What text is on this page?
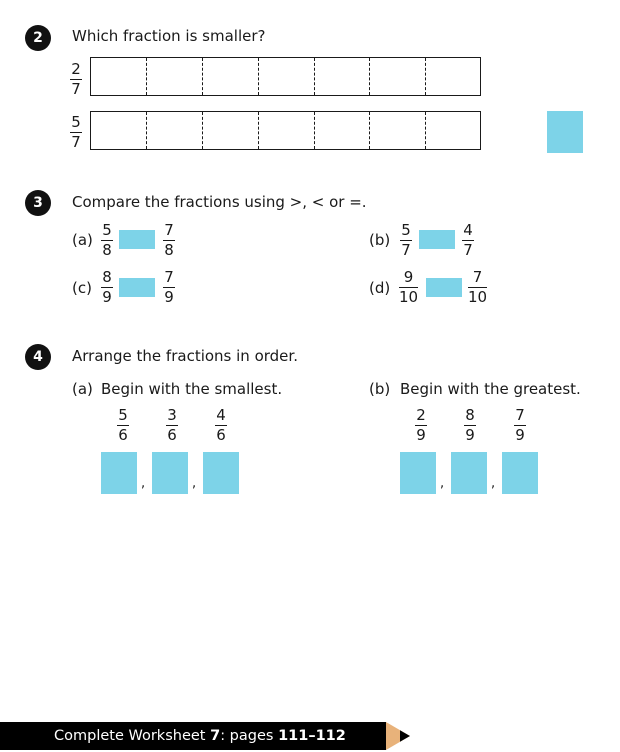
2 Which fraction is smaller?
2
7
5
7
3 Compare the fractions using >, < or =.
(a)
5
8
7
8
(b)
5
7
4
7
(c)
8
9
7
9
(d)
9
10
7
10
4 Arrange the fractions in order.
(a) Begin with the smallest.	(b) Begin with the greatest.
5
6
3
6
4
6
,	,
2
9
8
9
7
9
,	,
Complete Worksheet 7: pages 111–112
